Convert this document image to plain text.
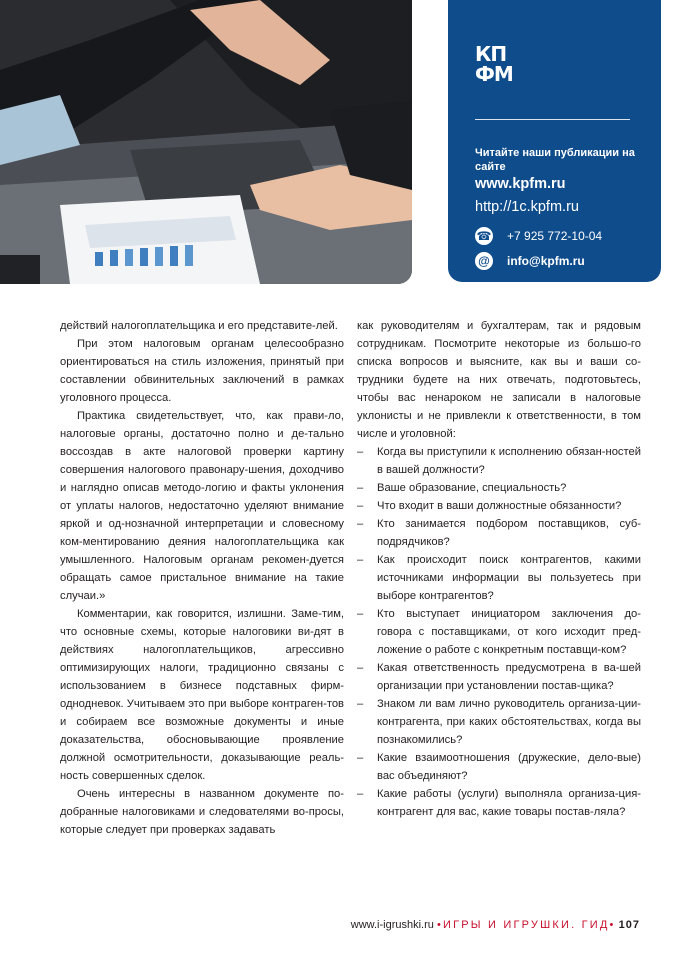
КП
ФМ
Читайте наши публикации на сайте
www.kpfm.ru
http://1c.kpfm.ru
☎ +7 925 772-10-04
@ info@kpfm.ru

действий налогоплательщика и его представите-лей.

При этом налоговым органам целесообразно ориентироваться на стиль изложения, принятый при составлении обвинительных заключений в рамках уголовного процесса.

Практика свидетельствует, что, как прави-ло, налоговые органы, достаточно полно и де-тально воссоздав в акте налоговой проверки картину совершения налогового правонару-шения, доходчиво и наглядно описав методо-логию и факты уклонения от уплаты налогов, недостаточно уделяют внимание яркой и од-нозначной интерпретации и словесному ком-ментированию деяния налогоплательщика как умышленного. Налоговым органам рекомен-дуется обращать самое пристальное внимание на такие случаи.»

Комментарии, как говорится, излишни. Заме-тим, что основные схемы, которые налоговики ви-дят в действиях налогоплательщиков, агрессивно оптимизирующих налоги, традиционно связаны с использованием в бизнесе подставных фирм-однодневок. Учитываем это при выборе контраген-тов и собираем все возможные документы и иные доказательства, обосновывающие проявление должной осмотрительности, доказывающие реаль-ность совершенных сделок.

Очень интересны в названном документе по-добранные налоговиками и следователями во-просы, которые следует при проверках задавать

как руководителям и бухгалтерам, так и рядовым сотрудникам. Посмотрите некоторые из большо-го списка вопросов и выясните, как вы и ваши со-трудники будете на них отвечать, подготовьтесь, чтобы вас ненароком не записали в налоговые уклонисты и не привлекли к ответственности, в том числе и уголовной:

–	Когда вы приступили к исполнению обязан-ностей в вашей должности?
–	Ваше образование, специальность?
–	Что входит в ваши должностные обязанности?
–	Кто занимается подбором поставщиков, суб-подрядчиков?
–	Как происходит поиск контрагентов, какими источниками информации вы пользуетесь при выборе контрагентов?
–	Кто выступает инициатором заключения до-говора с поставщиками, от кого исходит пред-ложение о работе с конкретным поставщи-ком?
–	Какая ответственность предусмотрена в ва-шей организации при установлении постав-щика?
–	Знаком ли вам лично руководитель организа-ции-контрагента, при каких обстоятельствах, когда вы познакомились?
–	Какие взаимоотношения (дружеские, дело-вые) вас объединяют?
–	Какие работы (услуги) выполняла организа-ция-контрагент для вас, какие товары постав-ляла?
www.i-igrushki.ru •ИГРЫ И ИГРУШКИ. ГИД• 107
